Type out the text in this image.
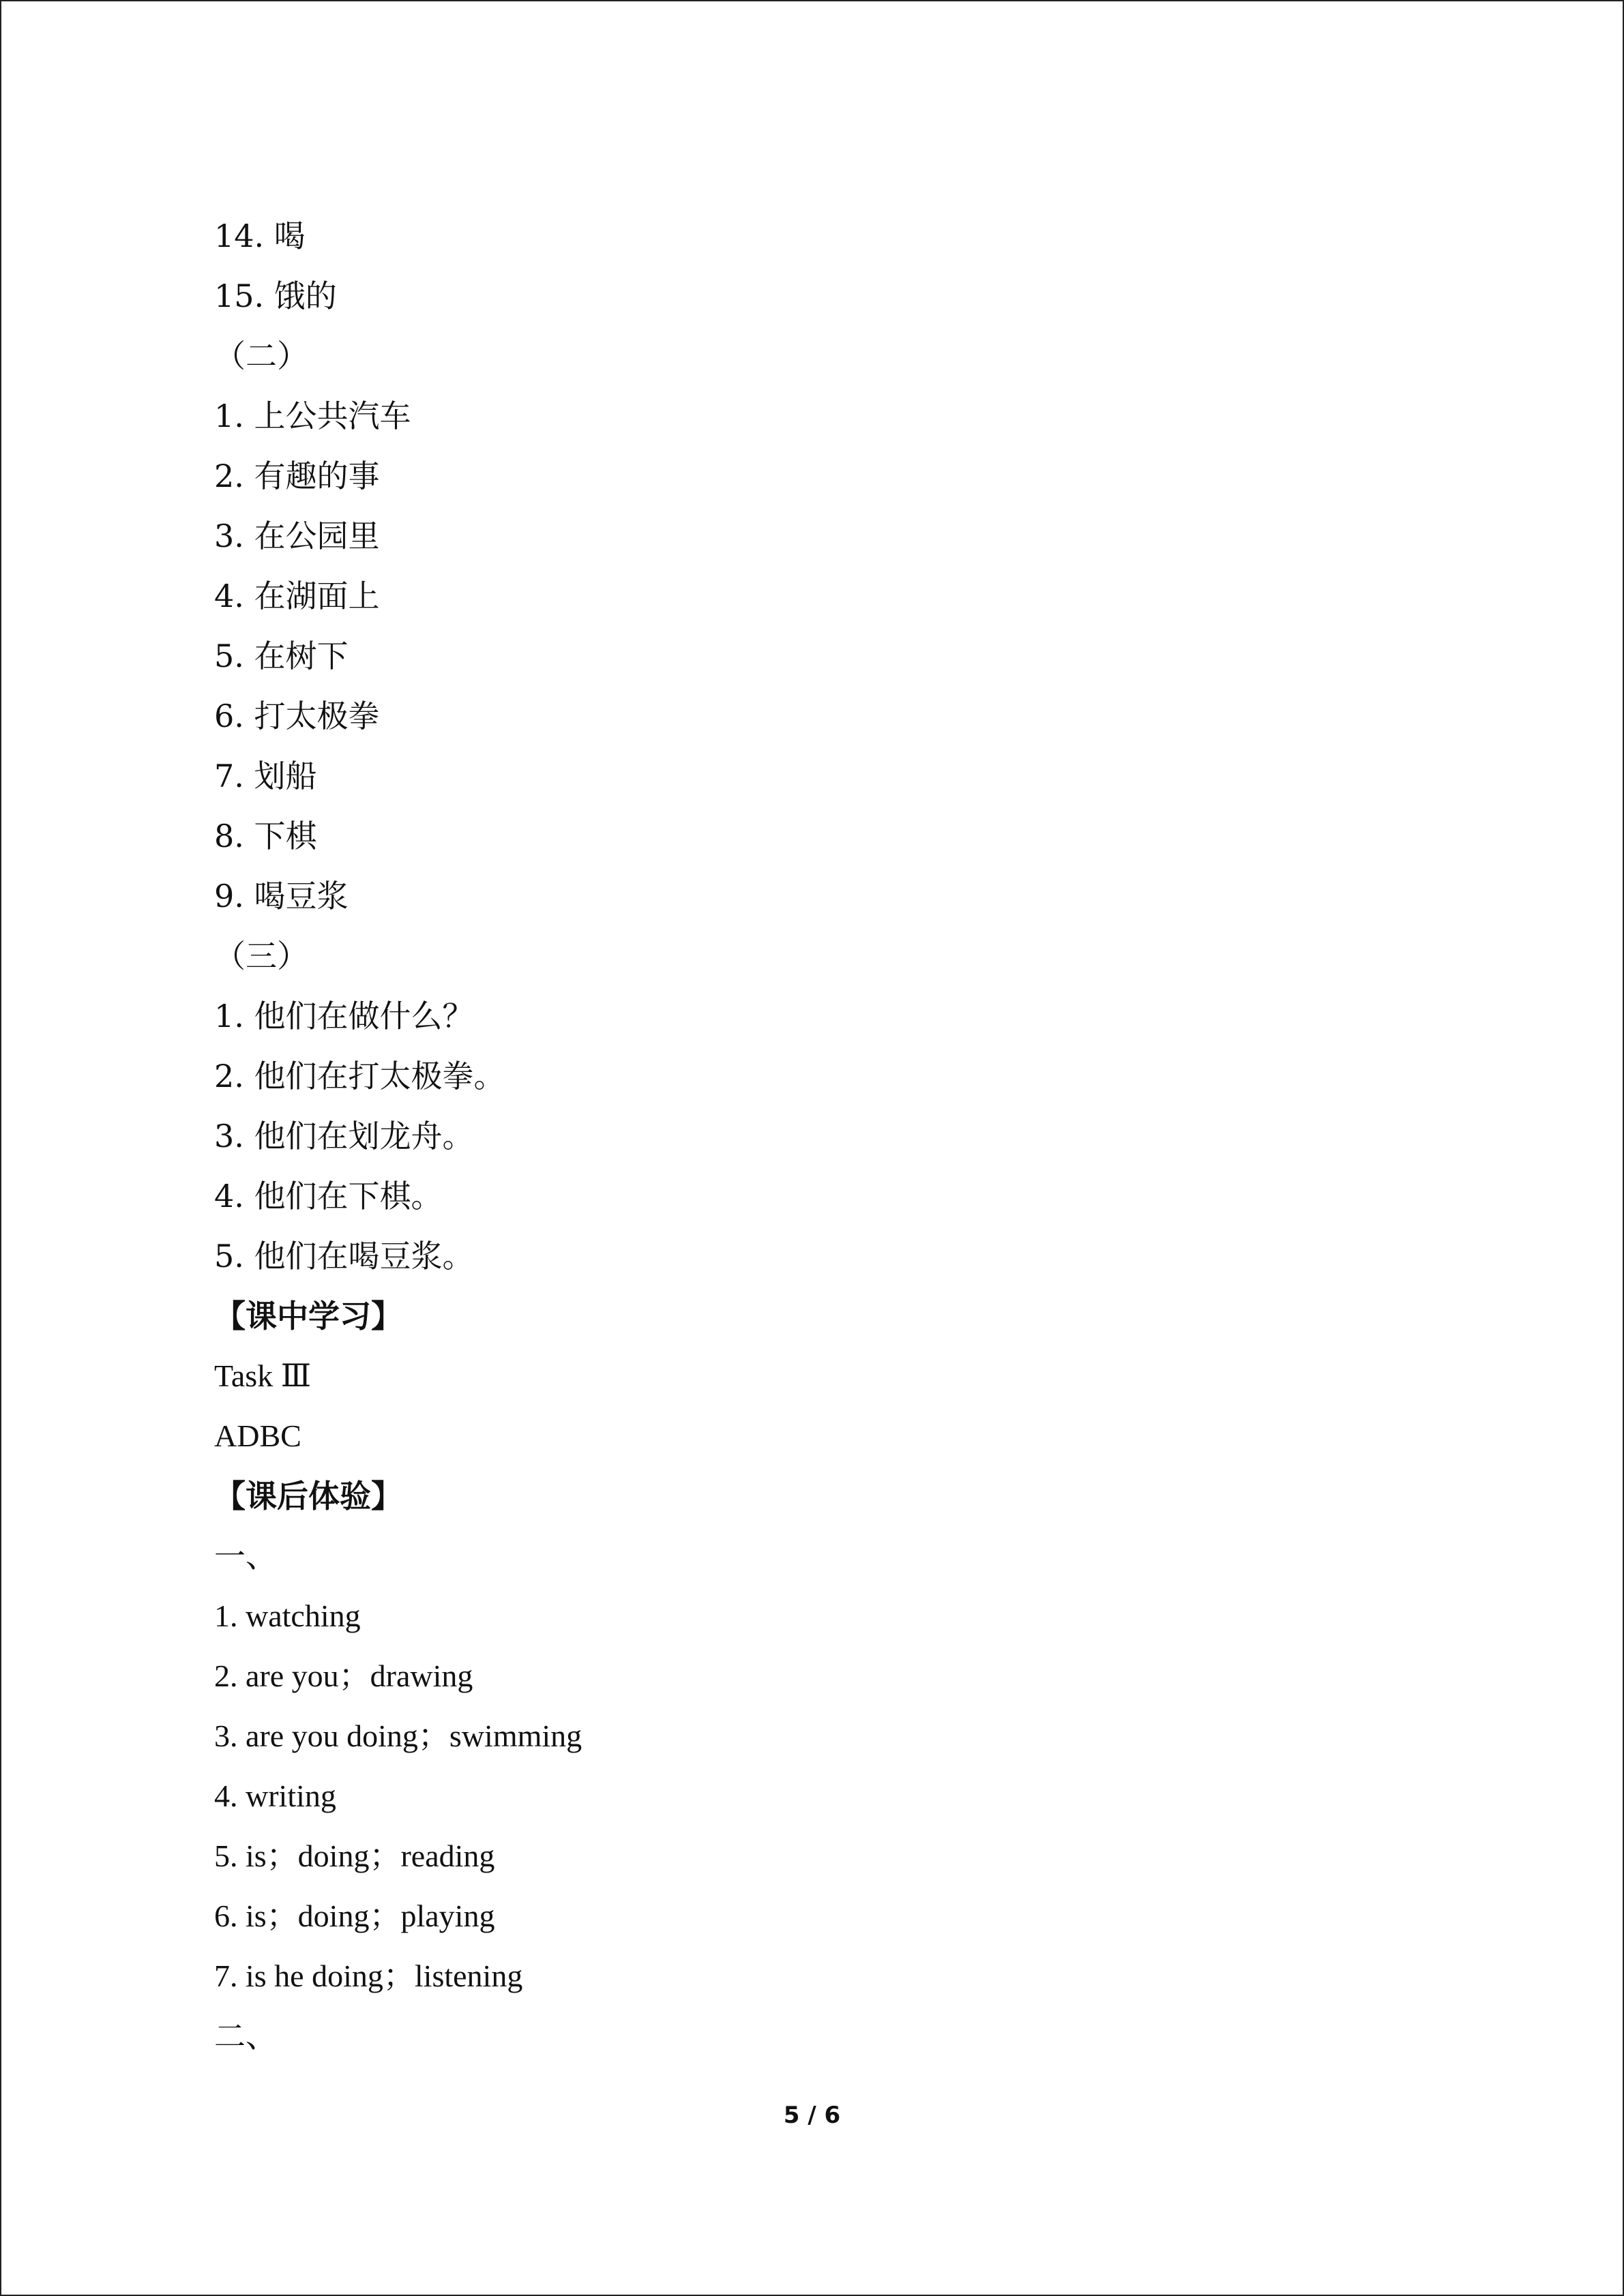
14. 喝
15. 饿的
（二）
1. 上公共汽车
2. 有趣的事
3. 在公园里
4. 在湖面上
5. 在树下
6. 打太极拳
7. 划船
8. 下棋
9. 喝豆浆
（三）
1. 他们在做什么？
2. 他们在打太极拳。
3. 他们在划龙舟。
4. 他们在下棋。
5. 他们在喝豆浆。
【课中学习】
Task Ⅲ
ADBC
【课后体验】
一、
1. watching
2. are you；drawing
3. are you doing；swimming
4. writing
5. is；doing；reading
6. is；doing；playing
7. is he doing；listening
二、
5 / 6
